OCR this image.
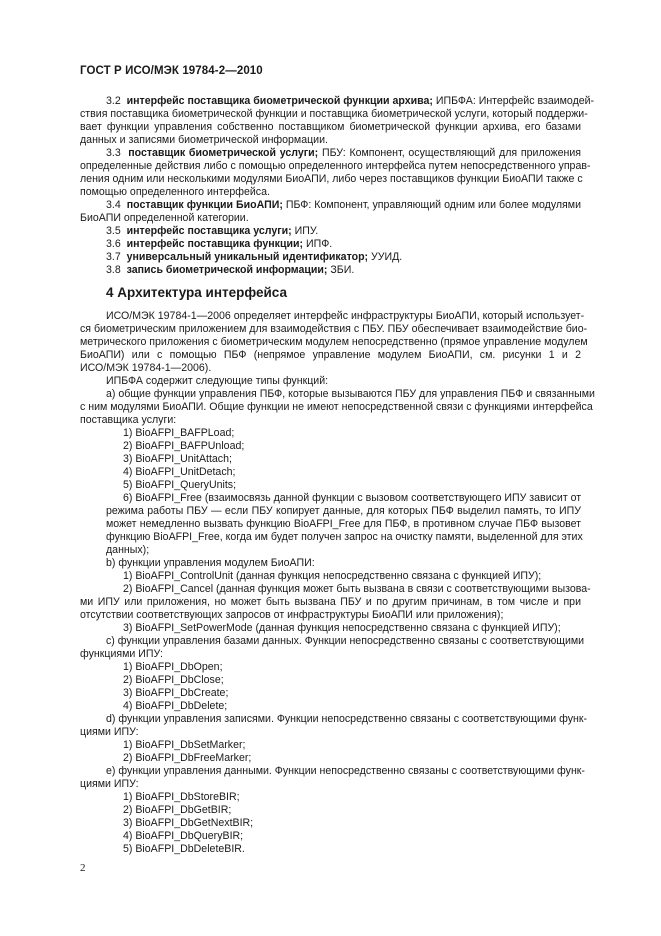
ГОСТ Р ИСО/МЭК 19784-2—2010
3.2 интерфейс поставщика биометрической функции архива; ИПБФА: Интерфейс взаимодей-
ствия поставщика биометрической функции и поставщика биометрической услуги, который поддержи-
вает функции управления собственно поставщиком биометрической функции архива, его базами
данных и записями биометрической информации.
3.3 поставщик биометрической услуги; ПБУ: Компонент, осуществляющий для приложения
определенные действия либо с помощью определенного интерфейса путем непосредственного управ-
ления одним или несколькими модулями БиоАПИ, либо через поставщиков функции БиоАПИ также с
помощью определенного интерфейса.
3.4 поставщик функции БиоАПИ; ПБФ: Компонент, управляющий одним или более модулями
БиоАПИ определенной категории.
3.5 интерфейс поставщика услуги; ИПУ.
3.6 интерфейс поставщика функции; ИПФ.
3.7 универсальный уникальный идентификатор; УУИД.
3.8 запись биометрической информации; ЗБИ.
4 Архитектура интерфейса
ИСО/МЭК 19784-1—2006 определяет интерфейс инфраструктуры БиоАПИ, который использует-
ся биометрическим приложением для взаимодействия с ПБУ. ПБУ обеспечивает взаимодействие био-
метрического приложения с биометрическим модулем непосредственно (прямое управление модулем
БиоАПИ) или с помощью ПБФ (непрямое управление модулем БиоАПИ, см. рисунки 1 и 2
ИСО/МЭК 19784-1—2006).
ИПБФА содержит следующие типы функций:
a) общие функции управления ПБФ, которые вызываются ПБУ для управления ПБФ и связанными
с ним модулями БиоАПИ. Общие функции не имеют непосредственной связи с функциями интерфейса
поставщика услуги:
1) BioAFPI_BAFPLoad;
2) BioAFPI_BAFPUnload;
3) BioAFPI_UnitAttach;
4) BioAFPI_UnitDetach;
5) BioAFPI_QueryUnits;
6) BioAFPI_Free (взаимосвязь данной функции с вызовом соответствующего ИПУ зависит от
режима работы ПБУ — если ПБУ копирует данные, для которых ПБФ выделил память, то ИПУ
может немедленно вызвать функцию BioAFPI_Free для ПБФ, в противном случае ПБФ вызовет
функцию BioAFPI_Free, когда им будет получен запрос на очистку памяти, выделенной для этих
данных);
b) функции управления модулем БиоАПИ:
1) BioAFPI_ControlUnit (данная функция непосредственно связана с функцией ИПУ);
2) BioAFPI_Cancel (данная функция может быть вызвана в связи с соответствующими вызова-
ми ИПУ или приложения, но может быть вызвана ПБУ и по другим причинам, в том числе и при
отсутствии соответствующих запросов от инфраструктуры БиоАПИ или приложения);
3) BioAFPI_SetPowerMode (данная функция непосредственно связана с функцией ИПУ);
c) функции управления базами данных. Функции непосредственно связаны с соответствующими
функциями ИПУ:
1) BioAFPI_DbOpen;
2) BioAFPI_DbClose;
3) BioAFPI_DbCreate;
4) BioAFPI_DbDelete;
d) функции управления записями. Функции непосредственно связаны с соответствующими функ-
циями ИПУ:
1) BioAFPI_DbSetMarker;
2) BioAFPI_DbFreeMarker;
e) функции управления данными. Функции непосредственно связаны с соответствующими функ-
циями ИПУ:
1) BioAFPI_DbStoreBIR;
2) BioAFPI_DbGetBIR;
3) BioAFPI_DbGetNextBIR;
4) BioAFPI_DbQueryBIR;
5) BioAFPI_DbDeleteBIR.
2
